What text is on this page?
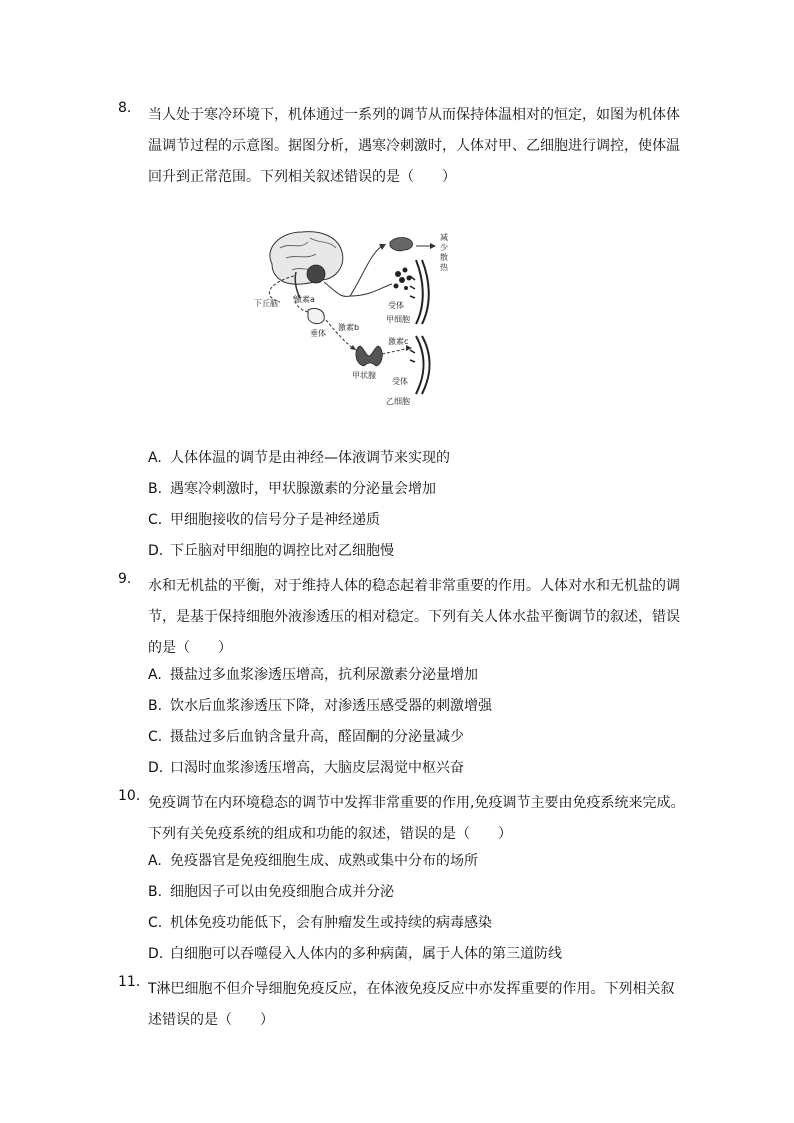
8.	当人处于寒冷环境下，机体通过一系列的调节从而保持体温相对的恒定，如图为机体体
温调节过程的示意图。据图分析，遇寒冷刺激时，人体对甲、乙细胞进行调控，使体温
回升到正常范围。下列相关叙述错误的是（　　）
减
少
散
热
下丘脑 激素a
垂体
激素b
甲状腺
激素c
受体
甲细胞
受体
乙细胞
A. 人体体温的调节是由神经—体液调节来实现的
B. 遇寒冷刺激时，甲状腺激素的分泌量会增加
C. 甲细胞接收的信号分子是神经递质
D. 下丘脑对甲细胞的调控比对乙细胞慢
9.	水和无机盐的平衡，对于维持人体的稳态起着非常重要的作用。人体对水和无机盐的调
节，是基于保持细胞外液渗透压的相对稳定。下列有关人体水盐平衡调节的叙述，错误
的是（　　）
A. 摄盐过多血浆渗透压增高，抗利尿激素分泌量增加
B. 饮水后血浆渗透压下降，对渗透压感受器的刺激增强
C. 摄盐过多后血钠含量升高，醛固酮的分泌量减少
D. 口渴时血浆渗透压增高，大脑皮层渴觉中枢兴奋
10. 免疫调节在内环境稳态的调节中发挥非常重要的作用,免疫调节主要由免疫系统来完成。
下列有关免疫系统的组成和功能的叙述，错误的是（　　）
A. 免疫器官是免疫细胞生成、成熟或集中分布的场所
B. 细胞因子可以由免疫细胞合成并分泌
C. 机体免疫功能低下，会有肿瘤发生或持续的病毒感染
D. 白细胞可以吞噬侵入人体内的多种病菌，属于人体的第三道防线
11. T淋巴细胞不但介导细胞免疫反应，在体液免疫反应中亦发挥重要的作用。下列相关叙
述错误的是（　　）
